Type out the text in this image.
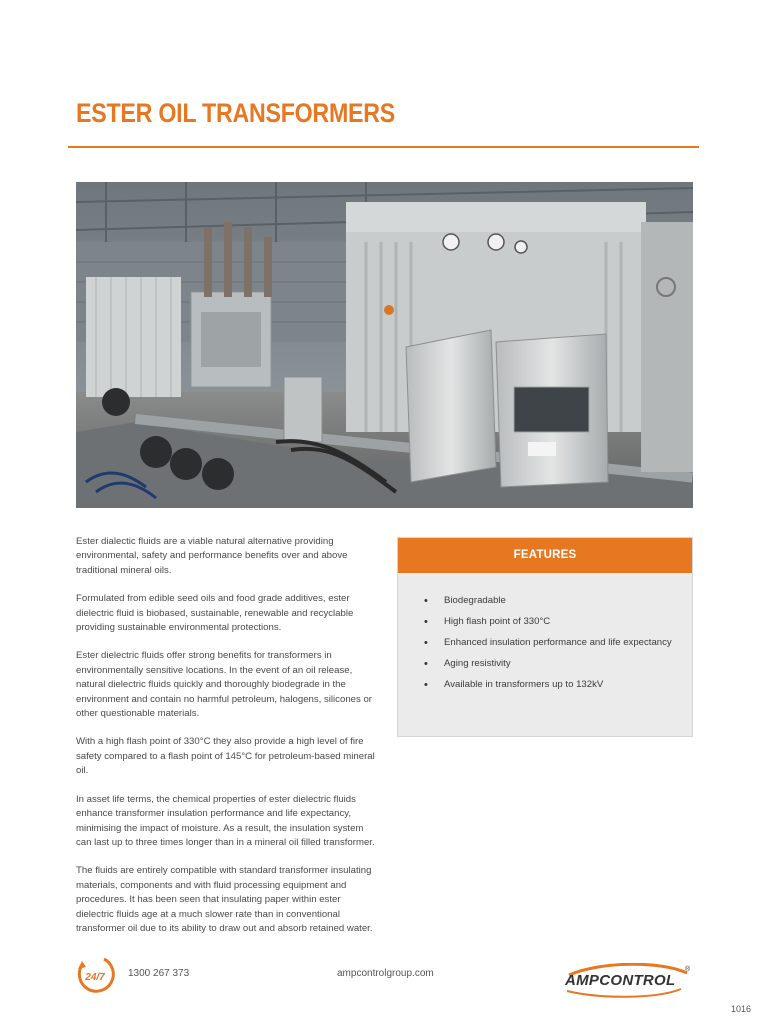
ESTER OIL TRANSFORMERS

Ester dialectic fluids are a viable natural alternative providing environmental, safety and performance benefits over and above traditional mineral oils.

Formulated from edible seed oils and food grade additives, ester dielectric fluid is biobased, sustainable, renewable and recyclable providing sustainable environmental protections.

Ester dielectric fluids offer strong benefits for transformers in environmentally sensitive locations. In the event of an oil release, natural dielectric fluids quickly and thoroughly biodegrade in the environment and contain no harmful petroleum, halogens, silicones or other questionable materials.

With a high flash point of 330°C they also provide a high level of fire safety compared to a flash point of 145°C for petroleum-based mineral oil.

In asset life terms, the chemical properties of ester dielectric fluids enhance transformer insulation performance and life expectancy, minimising the impact of moisture. As a result, the insulation system can last up to three times longer than in a mineral oil filled transformer.

The fluids are entirely compatible with standard transformer insulating materials, components and with fluid processing equipment and procedures. It has been seen that insulating paper within ester dielectric fluids age at a much slower rate than in conventional transformer oil due to its ability to draw out and absorb retained water.

FEATURES
• Biodegradable
• High flash point of 330°C
• Enhanced insulation performance and life expectancy
• Aging resistivity
• Available in transformers up to 132kV
24/7 1300 267 373	ampcontrolgroup.com	AMPCONTROL
®
1016
